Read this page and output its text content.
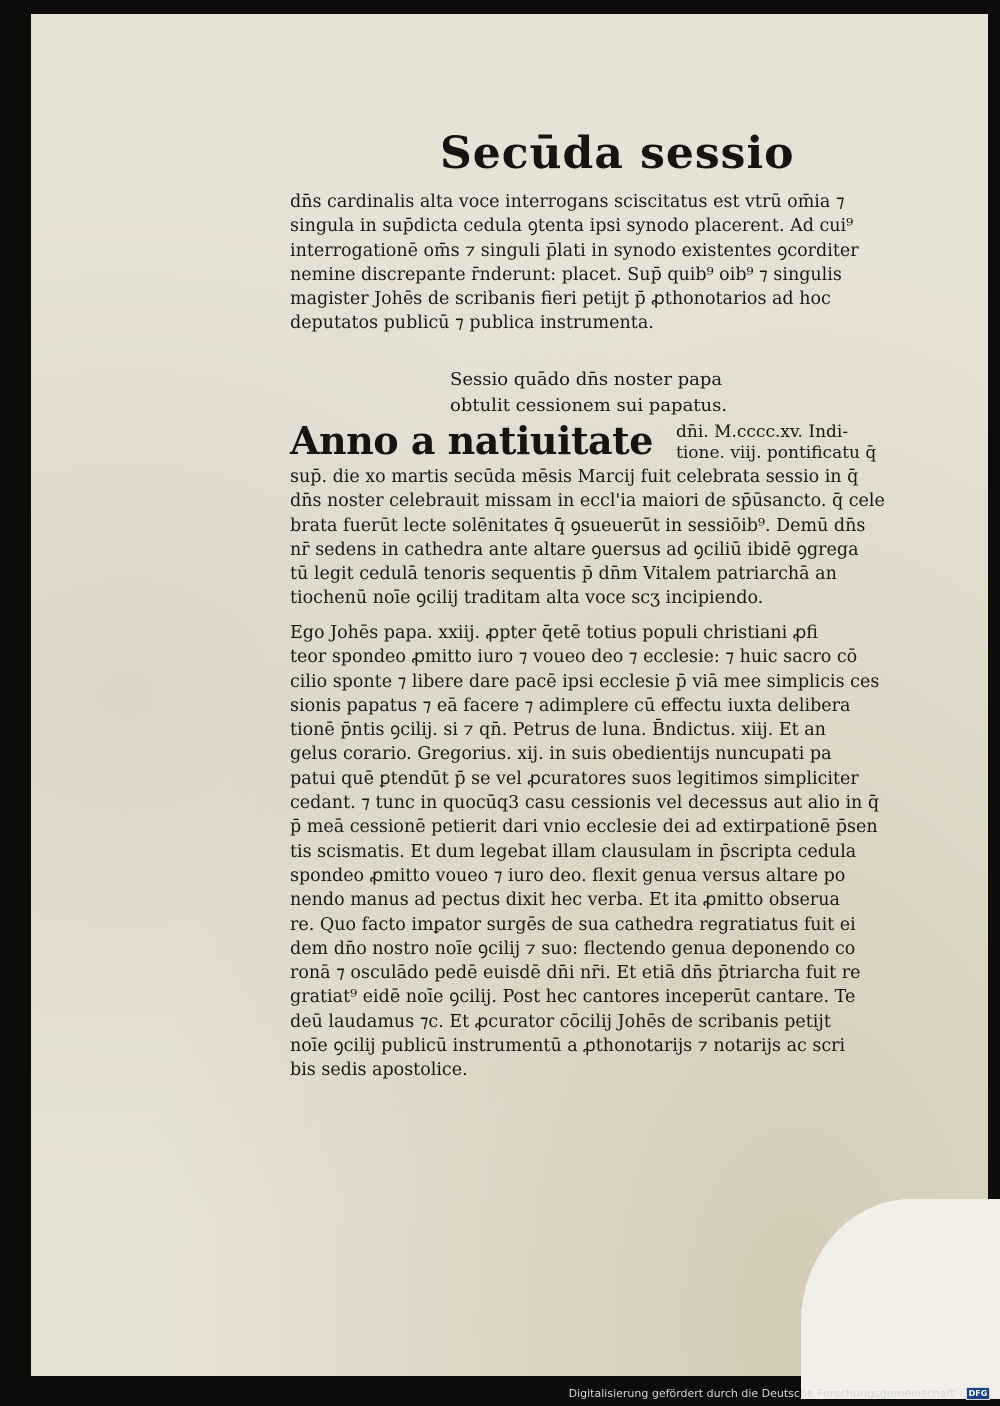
Secūda sessio

dn̄s cardinalis alta voce interrogans sciscitatus est vtrū om̄ia ⁊
singula in sup̄dicta cedula ꝯtenta ipsi synodo placerent. Ad cui⁹
interrogationē om̄s ⁊ singuli p̄lati in synodo existentes ꝯcorditer
nemine discrepante r̄nderunt: placet. Sup̄ quib⁹ oib⁹ ⁊ singulis
magister Johēs de scribanis fieri petijt p̄ ꝓthonotarios ad hoc
deputatos publicū ⁊ publica instrumenta.

Sessio quādo dn̄s noster papa
obtulit cessionem sui papatus.

Anno a natiuitate dn̄i. M.cccc.xv. Indi-
tione. viij. pontificatu q̄

sup̄. die xo martis secūda mēsis Marcij fuit celebrata sessio in q̄
dn̄s noster celebrauit missam in eccl'ia maiori de sp̄ūsancto. q̄ cele
brata fuerūt lecte solēnitates q̄ ꝯsueuerūt in sessiōib⁹. Demū dn̄s
nr̄ sedens in cathedra ante altare ꝯuersus ad ꝯciliū ibidē ꝯgrega
tū legit cedulā tenoris sequentis p̄ dn̄m Vitalem patriarchā an
tiochenū noīe ꝯcilij traditam alta voce scʒ incipiendo.

Ego Johēs papa. xxiij. ꝓpter q̄etē totius populi christiani ꝓfi
teor spondeo ꝓmitto iuro ⁊ voueo deo ⁊ ecclesie: ⁊ huic sacro cō
cilio sponte ⁊ libere dare pacē ipsi ecclesie p̄ viā mee simplicis ces
sionis papatus ⁊ eā facere ⁊ adimplere cū effectu iuxta delibera
tionē p̄ntis ꝯcilij. si ⁊ qn̄. Petrus de luna. B̄ndictus. xiij. Et an
gelus corario. Gregorius. xij. in suis obedientijs nuncupati pa
patui quē ꝑtendūt p̄ se vel ꝓcuratores suos legitimos simpliciter
cedant. ⁊ tunc in quocūq3 casu cessionis vel decessus aut alio in q̄
p̄ meā cessionē petierit dari vnio ecclesie dei ad extirpationē p̄sen
tis scismatis. Et dum legebat illam clausulam in p̄scripta cedula
spondeo ꝓmitto voueo ⁊ iuro deo. flexit genua versus altare po
nendo manus ad pectus dixit hec verba. Et ita ꝓmitto obserua
re. Quo facto imꝑator surgēs de sua cathedra regratiatus fuit ei
dem dn̄o nostro noīe ꝯcilij ⁊ suo: flectendo genua deponendo co
ronā ⁊ osculādo pedē euisdē dn̄i nr̄i. Et etiā dn̄s p̄triarcha fuit re
gratiat⁹ eidē noīe ꝯcilij. Post hec cantores inceperūt cantare. Te
deū laudamus ⁊c. Et ꝓcurator cōcilij Johēs de scribanis petijt
noīe ꝯcilij publicū instrumentū a ꝓthonotarijs ⁊ notarijs ac scri
bis sedis apostolice.

Digitalisierung gefördert durch die Deutsche Forschungsgemeinschaft - DFG
